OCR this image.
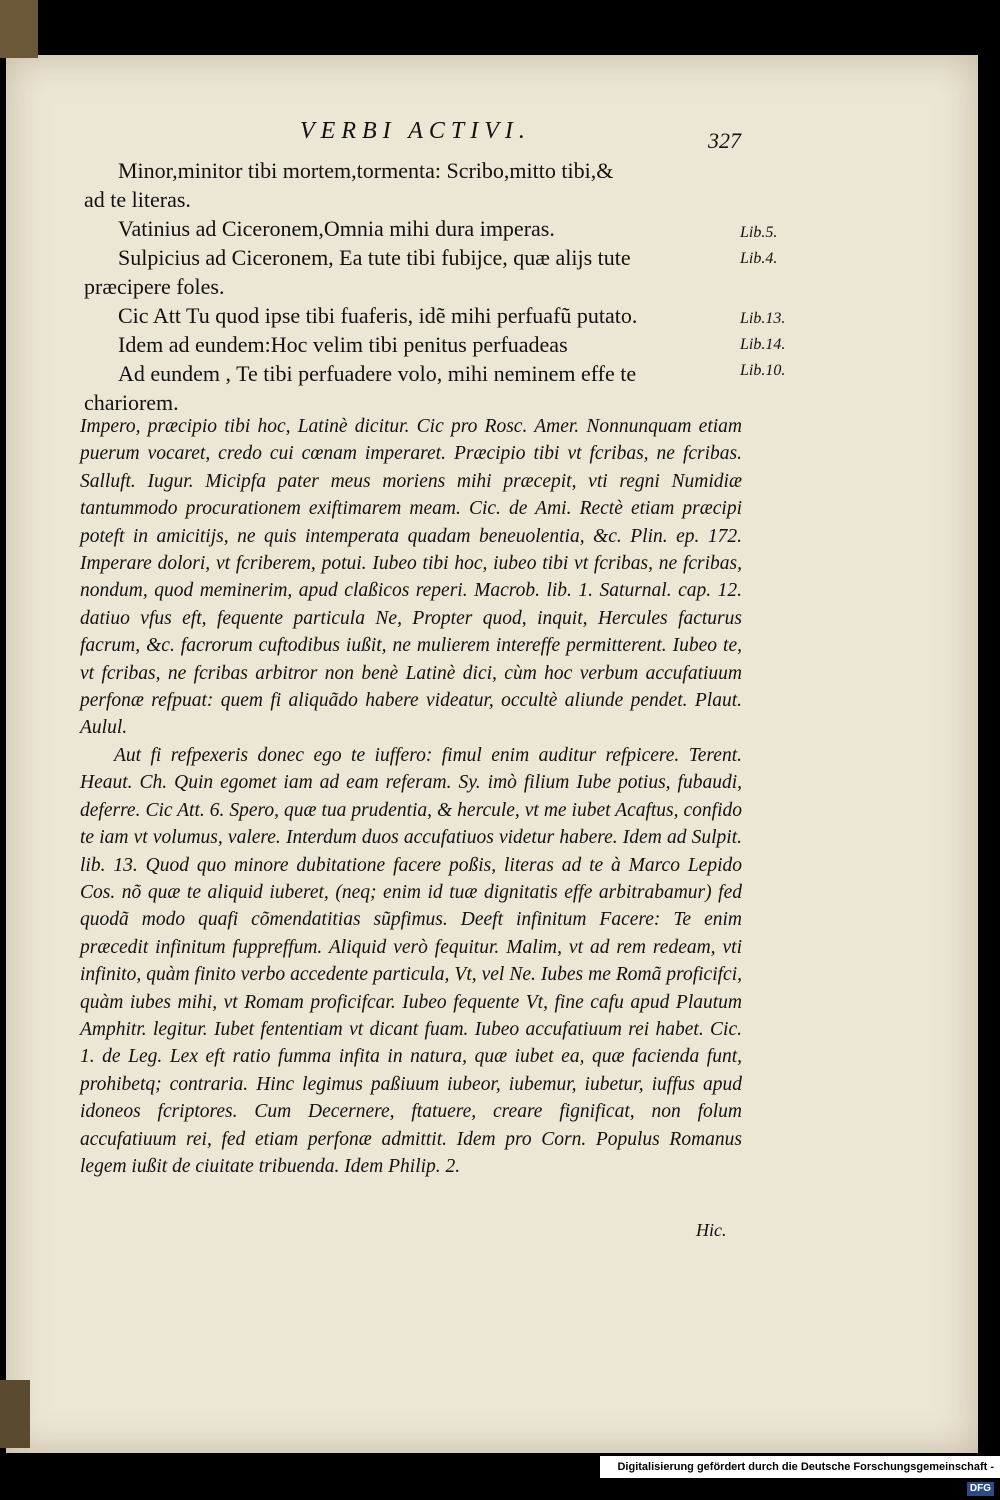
VERBI ACTIVI.	327

Minor,minitor tibi mortem,tormenta: Scribo,mitto tibi,&

ad te literas.

Vatinius ad Ciceronem,Omnia mihi dura imperas.

Sulpicius ad Ciceronem, Ea tute tibi fubijce, quæ alijs tute

præcipere foles.

Cic Att Tu quod ipse tibi fuaferis, idẽ mihi perfuafũ putato.

Idem ad eundem:Hoc velim tibi penitus perfuadeas

Ad eundem , Te tibi perfuadere volo, mihi neminem effe te

chariorem.

Lib.5.
Lib.4.
Lib.13.
Lib.14.
Lib.10.

Impero, præcipio tibi hoc, Latinè dicitur. Cic pro Rosc. Amer. Nonnunquam etiam puerum vocaret, credo cui cœnam imperaret. Præcipio tibi vt fcribas, ne fcribas. Salluft. Iugur. Micipfa pater meus moriens mihi præcepit, vti regni Numidiæ tantummodo procurationem exiftimarem meam. Cic. de Ami. Rectè etiam præcipi poteft in amicitijs, ne quis intemperata quadam beneuolentia, &c. Plin. ep. 172. Imperare dolori, vt fcriberem, potui. Iubeo tibi hoc, iubeo tibi vt fcribas, ne fcribas, nondum, quod meminerim, apud claßicos reperi. Macrob. lib. 1. Saturnal. cap. 12. datiuo vfus eft, fequente particula Ne, Propter quod, inquit, Hercules facturus facrum, &c. facrorum cuftodibus iußit, ne mulierem intereffe permitterent. Iubeo te, vt fcribas, ne fcribas arbitror non benè Latinè dici, cùm hoc verbum accufatiuum perfonæ refpuat: quem fi aliquãdo habere videatur, occultè aliunde pendet. Plaut. Aulul.

Aut fi refpexeris donec ego te iuffero: fimul enim auditur refpicere. Terent. Heaut. Ch. Quin egomet iam ad eam referam. Sy. imò filium Iube potius, fubaudi, deferre. Cic Att. 6. Spero, quæ tua prudentia, & hercule, vt me iubet Acaftus, confido te iam vt volumus, valere. Interdum duos accufatiuos videtur habere. Idem ad Sulpit. lib. 13. Quod quo minore dubitatione facere poßis, literas ad te à Marco Lepido Cos. nõ quæ te aliquid iuberet, (neq; enim id tuæ dignitatis effe arbitrabamur) fed quodã modo quafi cõmendatitias sũpfimus. Deeft infinitum Facere: Te enim præcedit infinitum fuppreffum. Aliquid verò fequitur. Malim, vt ad rem redeam, vti infinito, quàm finito verbo accedente particula, Vt, vel Ne. Iubes me Romã proficifci, quàm iubes mihi, vt Romam proficifcar. Iubeo fequente Vt, fine cafu apud Plautum Amphitr. legitur. Iubet fententiam vt dicant fuam. Iubeo accufatiuum rei habet. Cic. 1. de Leg. Lex eft ratio fumma infita in natura, quæ iubet ea, quæ facienda funt, prohibetq; contraria. Hinc legimus paßiuum iubeor, iubemur, iubetur, iuffus apud idoneos fcriptores. Cum Decernere, ftatuere, creare fignificat, non folum accufatiuum rei, fed etiam perfonæ admittit. Idem pro Corn. Populus Romanus legem iußit de ciuitate tribuenda. Idem Philip. 2.

Hic.
Digitalisierung gefördert durch die Deutsche Forschungsgemeinschaft -DFG
